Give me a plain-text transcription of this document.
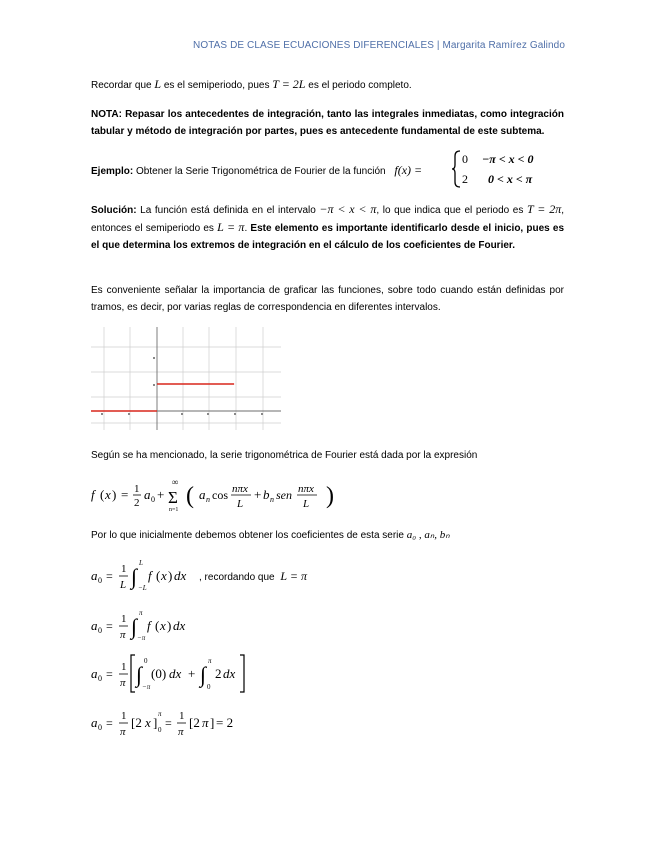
NOTAS DE CLASE ECUACIONES DIFERENCIALES | Margarita Ramírez Galindo
Recordar que L es el semiperiodo, pues T = 2L es el periodo completo.
NOTA: Repasar los antecedentes de integración, tanto las integrales inmediatas, como integración tabular y método de integración por partes, pues es antecedente fundamental de este subtema.
Ejemplo: Obtener la Serie Trigonométrica de Fourier de la función f(x) =
0 −π < x < 0
2 0 < x < π
Solución: La función está definida en el intervalo −π < x < π, lo que indica que el periodo es T = 2π, entonces el semiperiodo es L = π. Este elemento es importante identificarlo desde el inicio, pues es el que determina los extremos de integración en el cálculo de los coeficientes de Fourier.
Es conveniente señalar la importancia de graficar las funciones, sobre todo cuando están definidas por tramos, es decir, por varias reglas de correspondencia en diferentes intervalos.
Según se ha mencionado, la serie trigonométrica de Fourier está dada por la expresión
f ( x ) = 1
2
a 0 + Σ
∞
n=1
( a n cos nπx
L
+ b n sen nπx
L )
Por lo que inicialmente debemos obtener los coeficientes de esta serie a₀ , aₙ, bₙ
a 0 = 1
L ∫
L
−L
f ( x ) dx , recordando que L = π
a 0 = 1
π ∫
π
−π
f ( x ) dx
a 0 = 1
π ∫
0
−π
(0) dx + ∫
π
0
2 dx
a 0 = 1
π
[2 x ]
π
0 = 1
π
[2 π ] = 2
